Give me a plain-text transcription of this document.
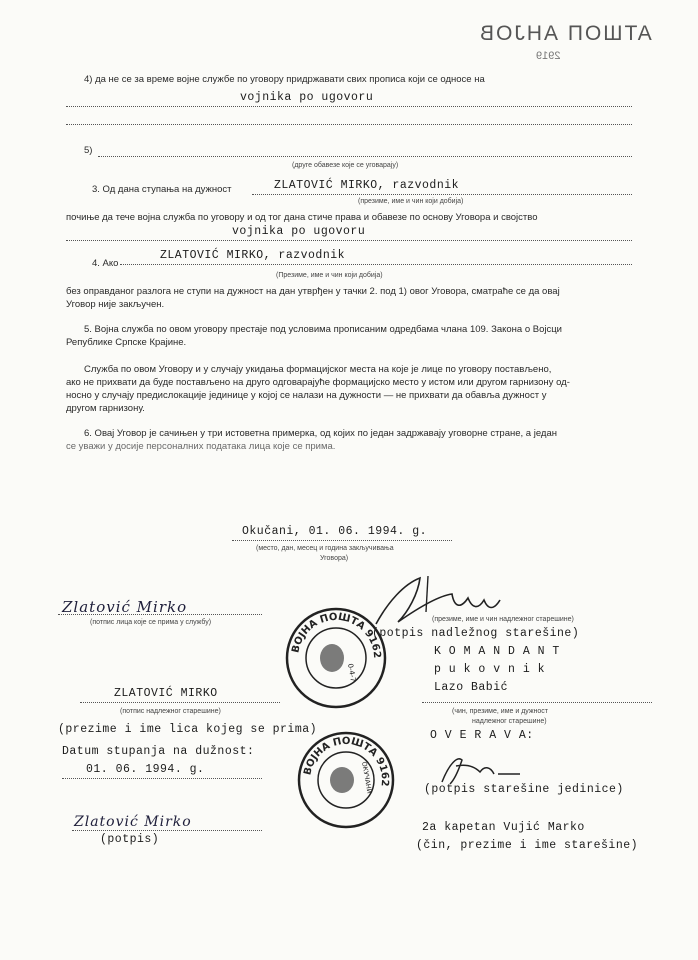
АТШОП АНЈОВ
2919
4) да не се за време војне службе по уговору придржавати свих прописа који се односе на
vojnika po ugovoru
5)
(друге обавезе које се уговарају)
3. Од дана ступања на дужност	ZLATOVIĆ MIRKO, razvodnik
(презиме, име и чин који добија)
почиње да тече војна служба по уговору и од тог дана стиче права и обавезе по основу Уговора и својство
vojnika po ugovoru
4. Ако
ZLATOVIĆ MIRKO, razvodnik
(Презиме, име и чин који добија)
без оправданог разлога не ступи на дужност на дан утврђен у тачки 2. под 1) овог Уговора, сматраће се да овај
Уговор није закључен.
5. Војна служба по овом уговору престаје под условима прописаним одредбама члана 109. Закона о Војсци
Републике Српске Крајине.
Служба по овом Уговору и у случају укидања формацијског места на које је лице по уговору постављено,
ако не прихвати да буде постављено на друго одговарајуће формацијско место у истом или другом гарнизону од-
носно у случају предислокације јединице у којој се налази на дужности — не прихвати да обавља дужност у
другом гарнизону.
6. Овај Уговор је сачињен у три истоветна примерка, од којих по један задржавају уговорне стране, а један
се уважи у досије персоналних података лица које се прима.
Okučani, 01. 06. 1994. g.
(место, дан, месец и година закључивања
Уговора)
Zlatović Mirko
(потпис лица које се прима у службу)	(презиме, име и чин надлежног старешине)
(potpis nadležnog starešine)
K O M A N D A N T
p u k o v n i k
Lazo Babić
(чин, презиме, име и дужност
надлежног старешине)
ZLATOVIĆ MIRKO
(потпис надлежног старешине)
(prezime i ime lica kojeg se prima)
Datum stupanja na dužnost:
01. 06. 1994. g.
O V E R A V A:
(potpis starešine jedinice)
Zlatović Mirko
(potpis)
2a kapetan Vujić Marko
(čin, prezime i ime starešine)
ВОЈНА ПОШТА 9162
0-4-7
ВОЈНА ПОШТА 9162
ОКУЧАНИ
